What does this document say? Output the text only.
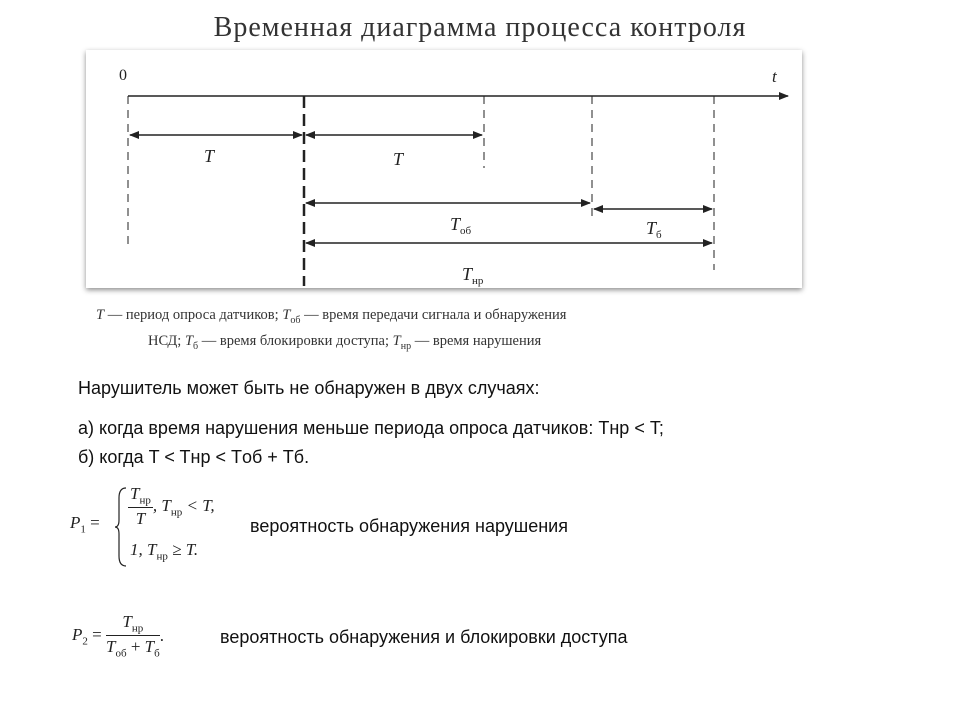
Временная диаграмма процесса контроля
0	t
T	T
$T_{об}$	$T_б$
$T_{нр}$
T — период опроса датчиков; $T_{об}$ — время передачи сигнала и обнаружения
НСД; $T_б$ — время блокировки доступа; $T_{нр}$ — время нарушения
Нарушитель может быть не обнаружен в двух случаях:
а) когда время нарушения меньше периода опроса датчиков: Tнр < T;
б) когда T < Tнр < Tоб + Tб.
$P_1 = \frac{T_{нр}}{T}$ , $T_{нр} < T$,
1, $T_{нр} \ge T$.
вероятность обнаружения нарушения
$P_2 = \frac{T_{нр}}{T_{об} + T_б}$ .	вероятность обнаружения и блокировки доступа
